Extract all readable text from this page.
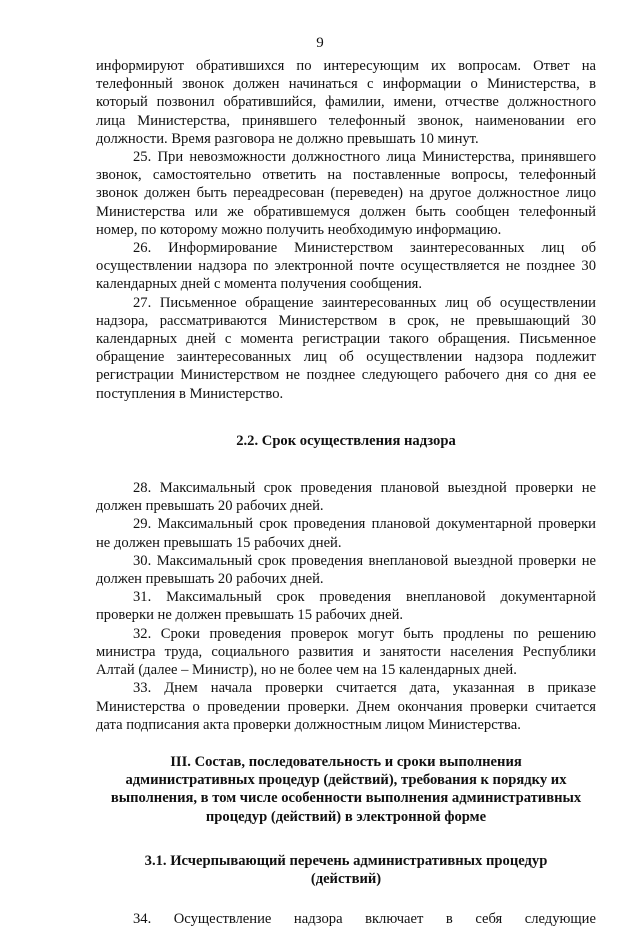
9

информируют обратившихся по интересующим их вопросам. Ответ на телефонный звонок должен начинаться с информации о Министерства, в который позвонил обратившийся, фамилии, имени, отчестве должностного лица Министерства, принявшего телефонный звонок, наименовании его должности. Время разговора не должно превышать 10 минут.

25. При невозможности должностного лица Министерства, принявшего звонок, самостоятельно ответить на поставленные вопросы, телефонный звонок должен быть переадресован (переведен) на другое должностное лицо Министерства или же обратившемуся должен быть сообщен телефонный номер, по которому можно получить необходимую информацию.

26. Информирование Министерством заинтересованных лиц об осуществлении надзора по электронной почте осуществляется не позднее 30 календарных дней с момента получения сообщения.

27. Письменное обращение заинтересованных лиц об осуществлении надзора, рассматриваются Министерством в срок, не превышающий 30 календарных дней с момента регистрации такого обращения. Письменное обращение заинтересованных лиц об осуществлении надзора подлежит регистрации Министерством не позднее следующего рабочего дня со дня ее поступления в Министерство.

2.2. Срок осуществления надзора

28. Максимальный срок проведения плановой выездной проверки не должен превышать 20 рабочих дней.

29. Максимальный срок проведения плановой документарной проверки не должен превышать 15 рабочих дней.

30. Максимальный срок проведения внеплановой выездной проверки не должен превышать 20 рабочих дней.

31. Максимальный срок проведения внеплановой документарной проверки не должен превышать 15 рабочих дней.

32. Сроки проведения проверок могут быть продлены по решению министра труда, социального развития и занятости населения Республики Алтай (далее – Министр), но не более чем на 15 календарных дней.

33. Днем начала проверки считается дата, указанная в приказе Министерства о проведении проверки. Днем окончания проверки считается дата подписания акта проверки должностным лицом Министерства.

III. Состав, последовательность и сроки выполнения административных процедур (действий), требования к порядку их выполнения, в том числе особенности выполнения административных процедур (действий) в электронной форме

3.1. Исчерпывающий перечень административных процедур (действий)

34. Осуществление надзора включает в себя следующие
